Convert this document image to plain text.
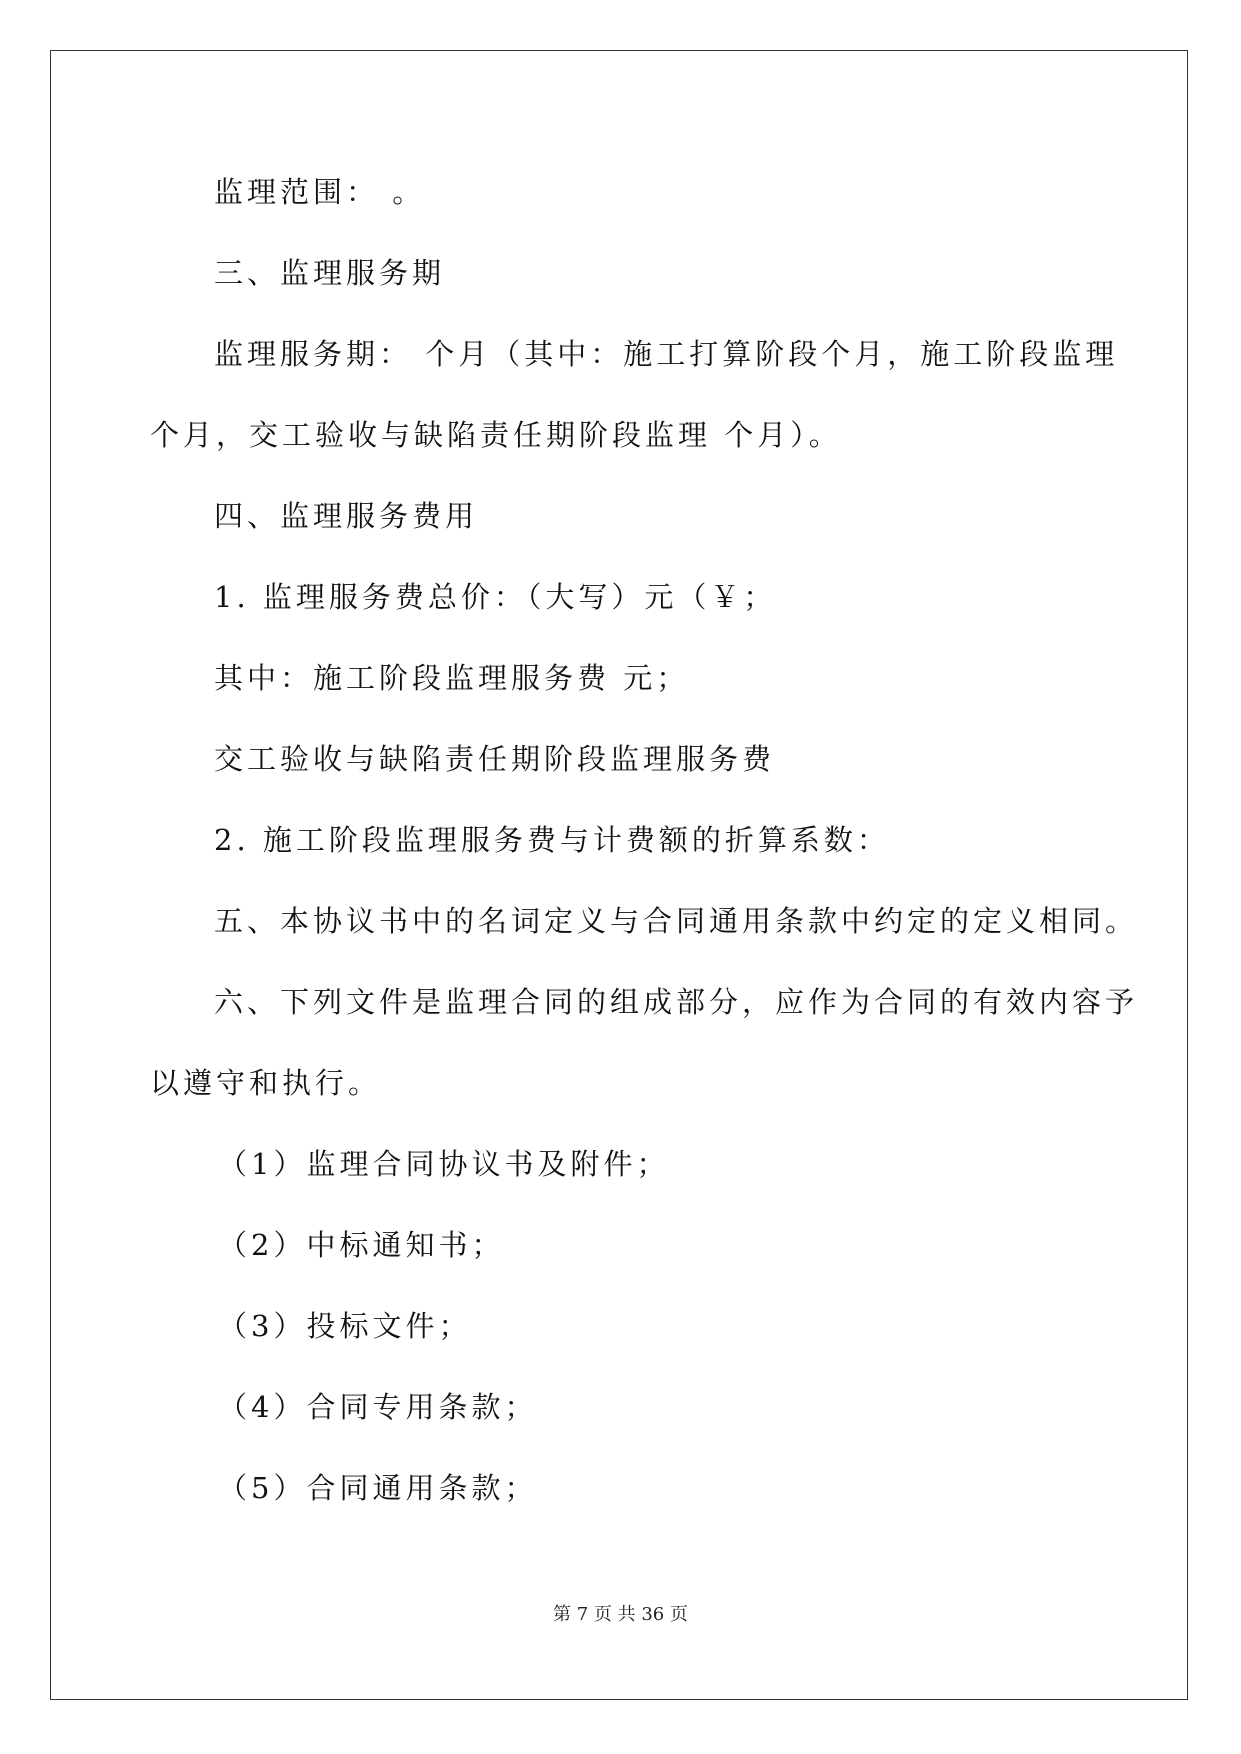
监理范围： 。
三、监理服务期
监理服务期： 个月（其中：施工打算阶段个月，施工阶段监理
个月，交工验收与缺陷责任期阶段监理 个月）。
四、监理服务费用
1. 监理服务费总价：（大写）元（￥；
其中：施工阶段监理服务费 元；
交工验收与缺陷责任期阶段监理服务费
2. 施工阶段监理服务费与计费额的折算系数：
五、本协议书中的名词定义与合同通用条款中约定的定义相同。
六、下列文件是监理合同的组成部分，应作为合同的有效内容予
以遵守和执行。
（1）监理合同协议书及附件；
（2）中标通知书；
（3）投标文件；
（4）合同专用条款；
（5）合同通用条款；
第 7 页 共 36 页
